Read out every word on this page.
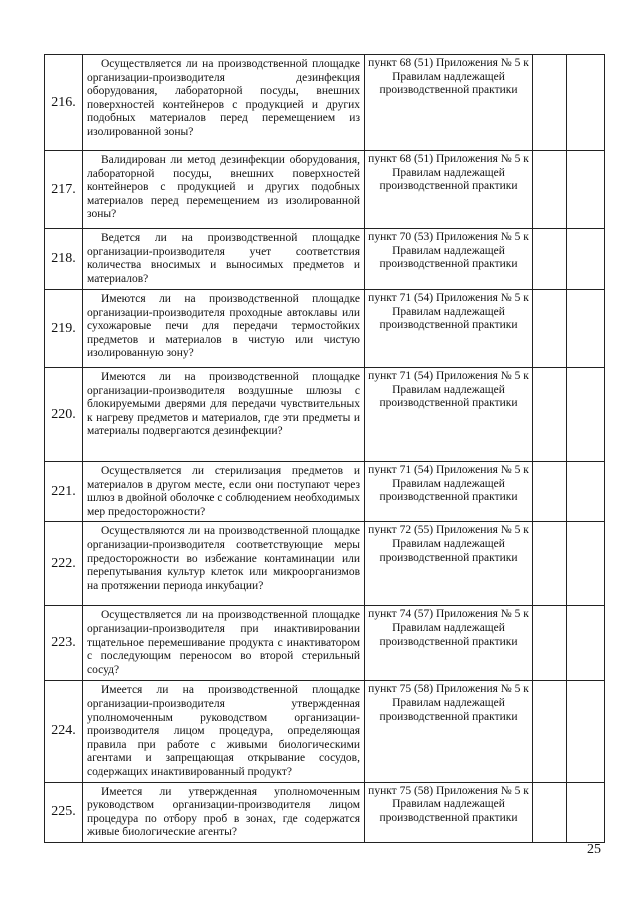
216.	Осуществляется ли на производственной площадке организации-производителя дезинфекция оборудования, лабораторной посуды, внешних поверхностей контейнеров с продукцией и других подобных материалов перед перемещением из изолированной зоны?	пункт 68 (51) Приложения № 5 к Правилам надлежащей производственной практики		
217.	Валидирован ли метод дезинфекции оборудования, лабораторной посуды, внешних поверхностей контейнеров с продукцией и других подобных материалов перед перемещением из изолированной зоны?	пункт 68 (51) Приложения № 5 к Правилам надлежащей производственной практики		
218.	Ведется ли на производственной площадке организации-производителя учет соответствия количества вносимых и выносимых предметов и материалов?	пункт 70 (53) Приложения № 5 к Правилам надлежащей производственной практики		
219.	Имеются ли на производственной площадке организации-производителя проходные автоклавы или сухожаровые печи для передачи термостойких предметов и материалов в чистую или чистую изолированную зону?	пункт 71 (54) Приложения № 5 к Правилам надлежащей производственной практики		
220.	Имеются ли на производственной площадке организации-производителя воздушные шлюзы с блокируемыми дверями для передачи чувствительных к нагреву предметов и материалов, где эти предметы и материалы подвергаются дезинфекции?	пункт 71 (54) Приложения № 5 к Правилам надлежащей производственной практики		
221.	Осуществляется ли стерилизация предметов и материалов в другом месте, если они поступают через шлюз в двойной оболочке с соблюдением необходимых мер предосторожности?	пункт 71 (54) Приложения № 5 к Правилам надлежащей производственной практики		
222.	Осуществляются ли на производственной площадке организации-производителя соответствующие меры предосторожности во избежание контаминации или перепутывания культур клеток или микроорганизмов на протяжении периода инкубации?	пункт 72 (55) Приложения № 5 к Правилам надлежащей производственной практики		
223.	Осуществляется ли на производственной площадке организации-производителя при инактивировании тщательное перемешивание продукта с инактиватором с последующим переносом во второй стерильный сосуд?	пункт 74 (57) Приложения № 5 к Правилам надлежащей производственной практики		
224.	Имеется ли на производственной площадке организации-производителя утвержденная уполномоченным руководством организации-производителя лицом процедура, определяющая правила при работе с живыми биологическими агентами и запрещающая открывание сосудов, содержащих инактивированный продукт?	пункт 75 (58) Приложения № 5 к Правилам надлежащей производственной практики		
225.	Имеется ли утвержденная уполномоченным руководством организации-производителя лицом процедура по отбору проб в зонах, где содержатся живые биологические агенты?	пункт 75 (58) Приложения № 5 к Правилам надлежащей производственной практики		
25
